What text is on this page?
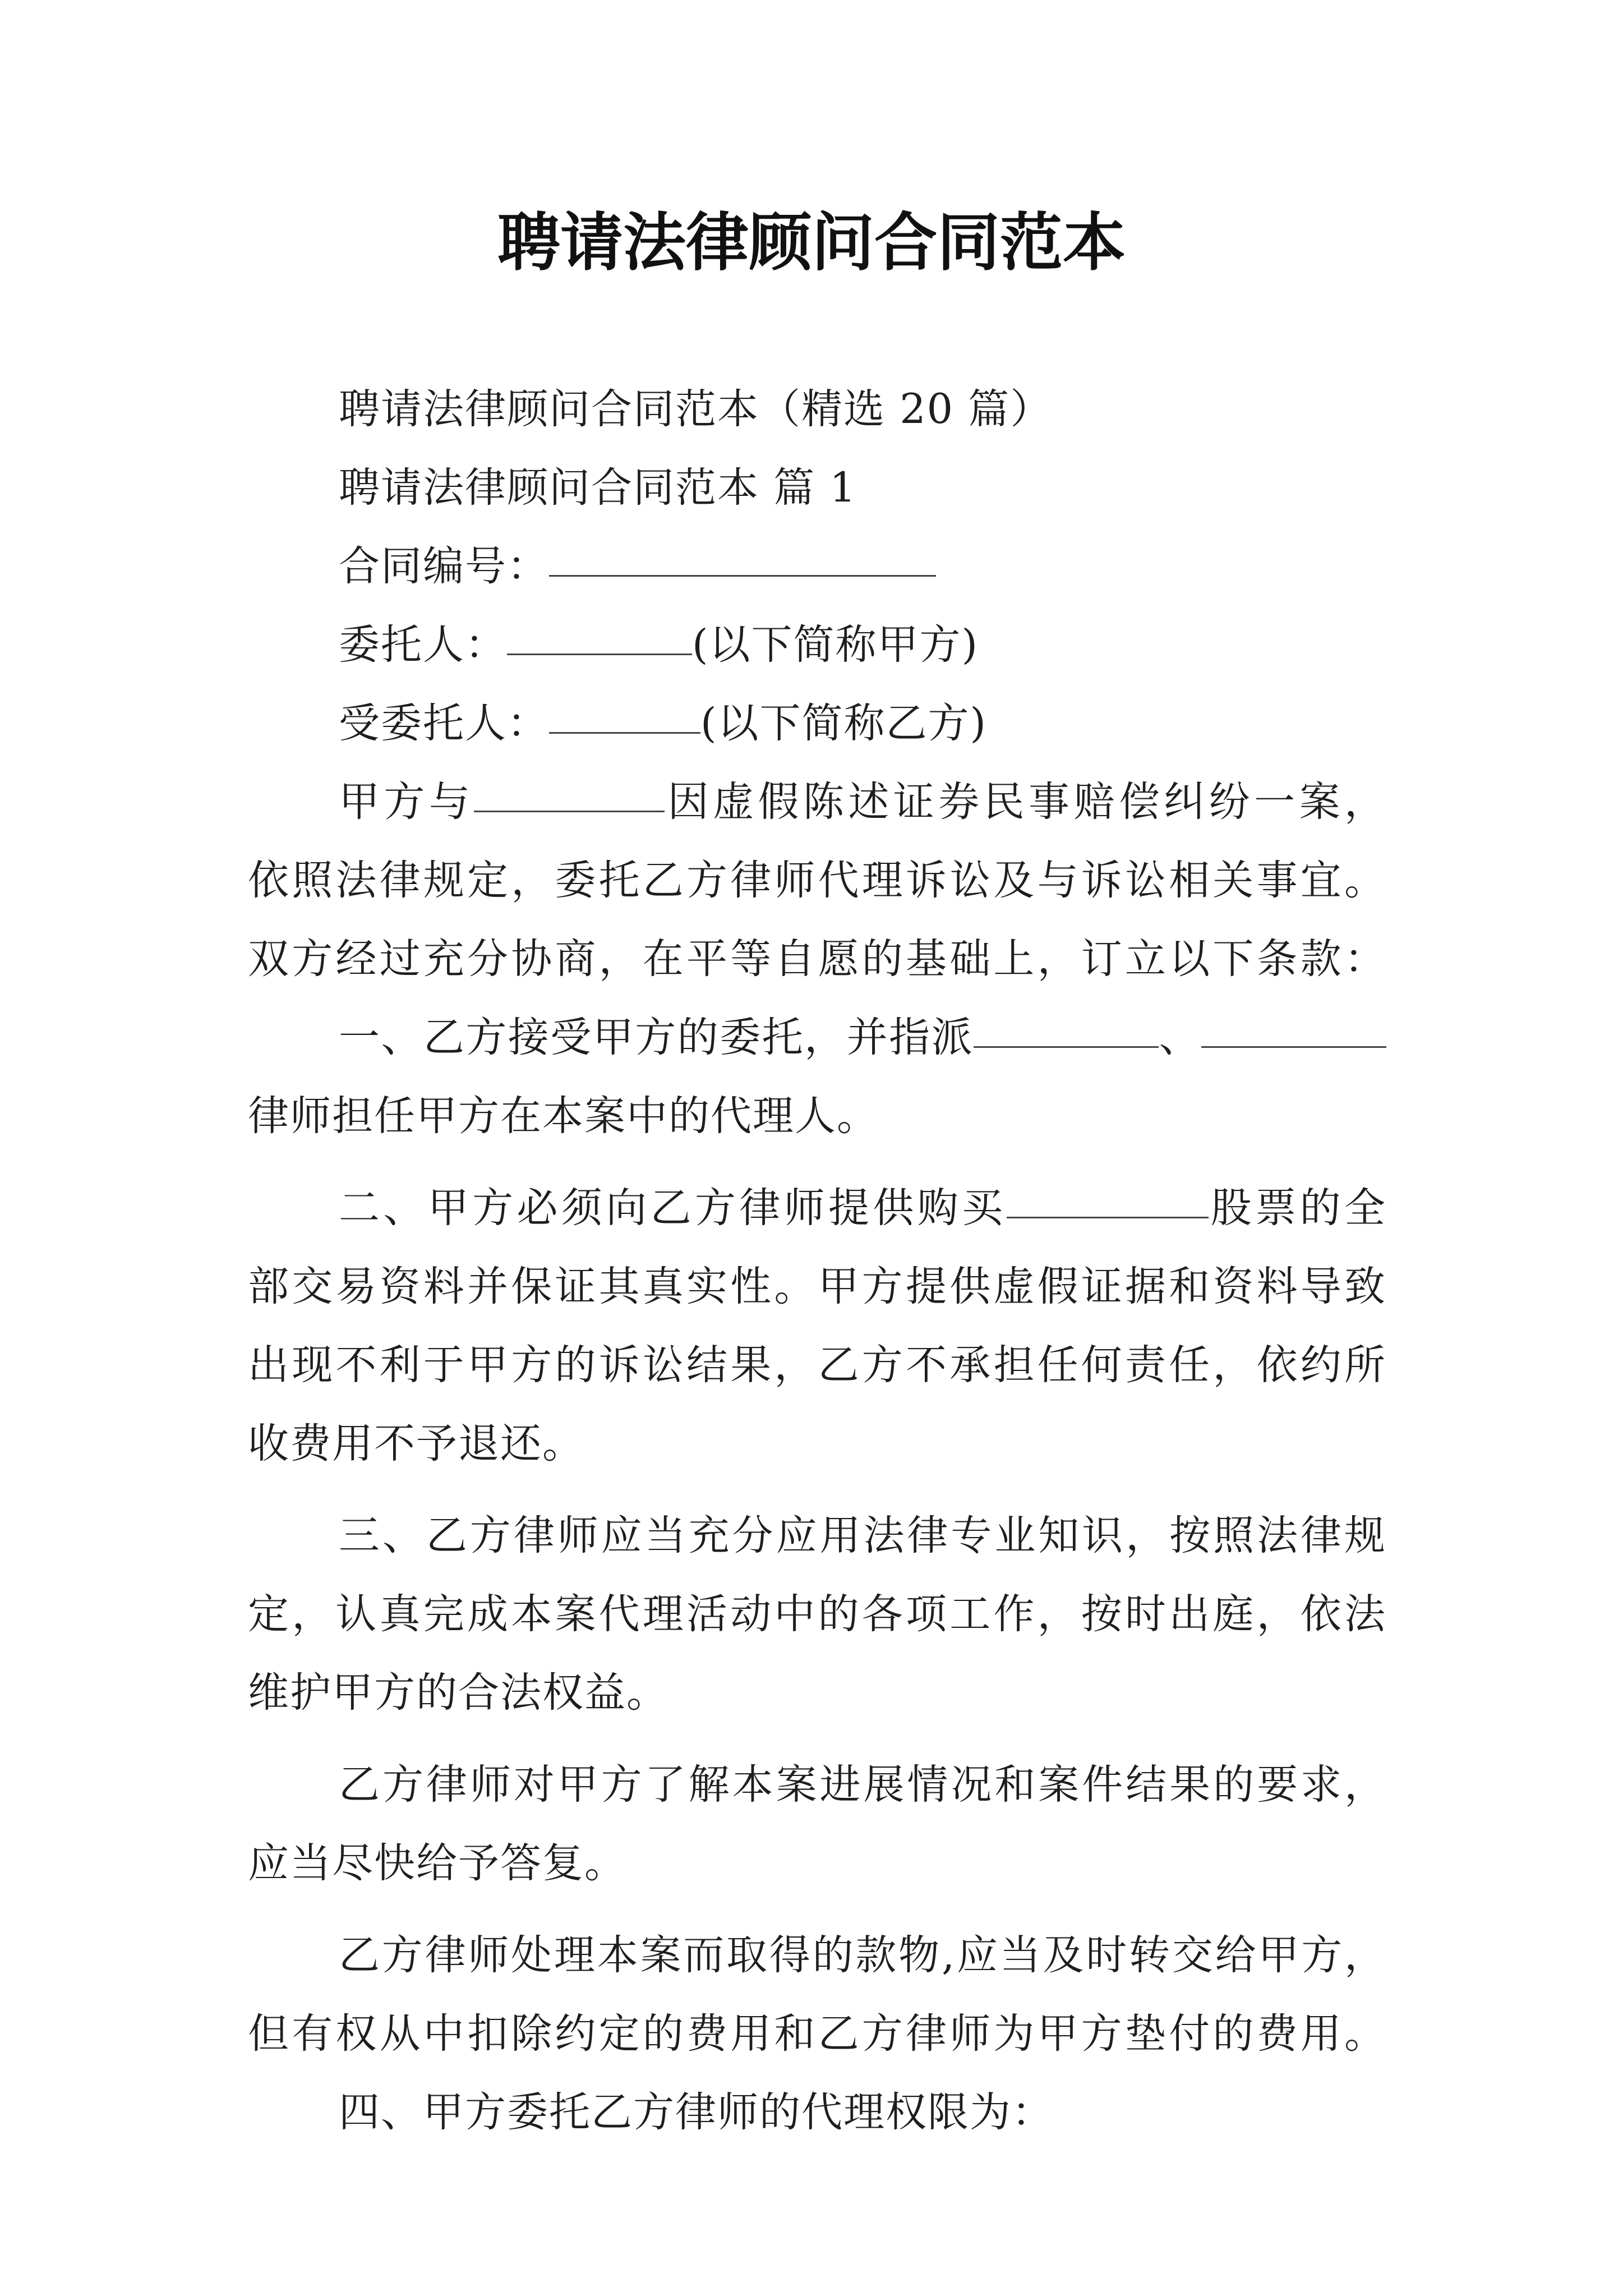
聘请法律顾问合同范本

聘请法律顾问合同范本（精选 20 篇）

聘请法律顾问合同范本 篇 1

合同编号：

委托人：	(以下简称甲方)

受委托人：	(以下简称乙方)

甲方与	因虚假陈述证券民事赔偿纠纷一案，

依照法律规定，委托乙方律师代理诉讼及与诉讼相关事宜。

双方经过充分协商，在平等自愿的基础上，订立以下条款：

一、乙方接受甲方的委托，并指派	、

律师担任甲方在本案中的代理人。

二、甲方必须向乙方律师提供购买	股票的全

部交易资料并保证其真实性。甲方提供虚假证据和资料导致

出现不利于甲方的诉讼结果，乙方不承担任何责任，依约所

收费用不予退还。

三、乙方律师应当充分应用法律专业知识，按照法律规

定，认真完成本案代理活动中的各项工作，按时出庭，依法

维护甲方的合法权益。

乙方律师对甲方了解本案进展情况和案件结果的要求，

应当尽快给予答复。

乙方律师处理本案而取得的款物,应当及时转交给甲方，

但有权从中扣除约定的费用和乙方律师为甲方垫付的费用。

四、甲方委托乙方律师的代理权限为：
